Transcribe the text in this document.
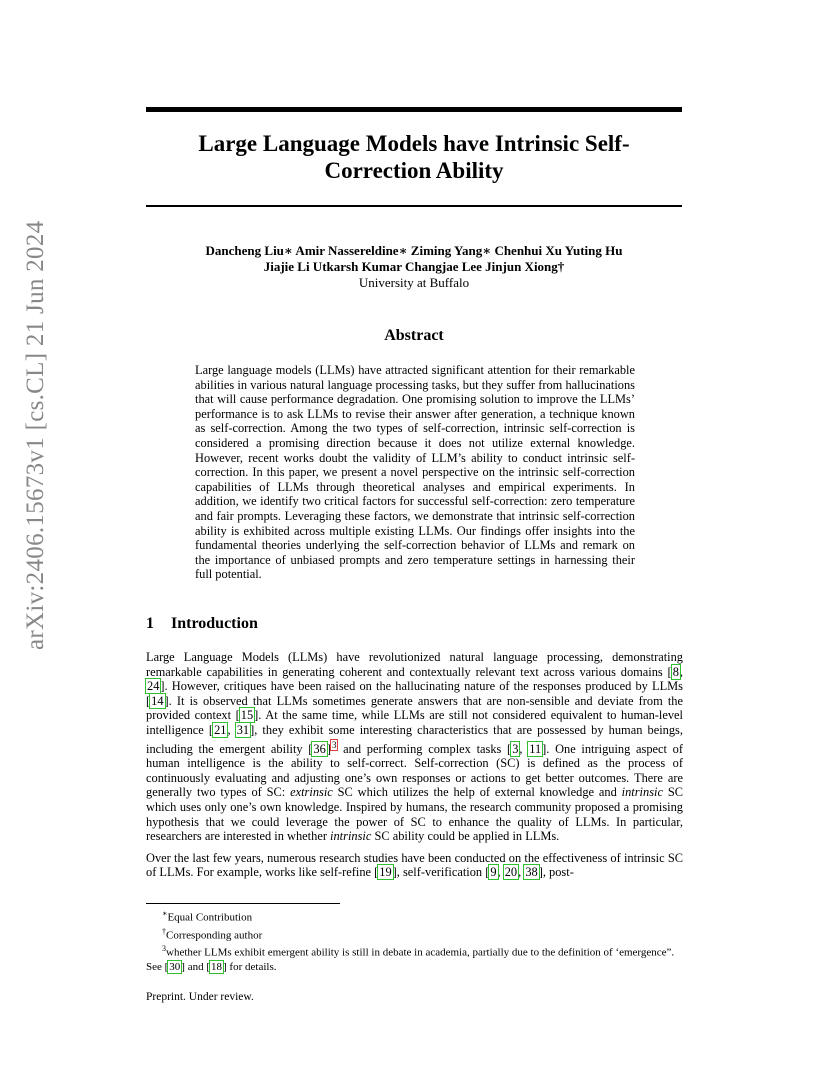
arXiv:2406.15673v1 [cs.CL] 21 Jun 2024
Large Language Models have Intrinsic Self-Correction Ability
Dancheng Liu∗ Amir Nassereldine∗ Ziming Yang∗ Chenhui Xu Yuting Hu
Jiajie Li Utkarsh Kumar Changjae Lee Jinjun Xiong†
University at Buffalo
Abstract
Large language models (LLMs) have attracted significant attention for their remarkable abilities in various natural language processing tasks, but they suffer from hallucinations that will cause performance degradation. One promising solution to improve the LLMs’ performance is to ask LLMs to revise their answer after generation, a technique known as self-correction. Among the two types of self-correction, intrinsic self-correction is considered a promising direction because it does not utilize external knowledge. However, recent works doubt the validity of LLM’s ability to conduct intrinsic self-correction. In this paper, we present a novel perspective on the intrinsic self-correction capabilities of LLMs through theoretical analyses and empirical experiments. In addition, we identify two critical factors for successful self-correction: zero temperature and fair prompts. Leveraging these factors, we demonstrate that intrinsic self-correction ability is exhibited across multiple existing LLMs. Our findings offer insights into the fundamental theories underlying the self-correction behavior of LLMs and remark on the importance of unbiased prompts and zero temperature settings in harnessing their full potential.
1 Introduction

Large Language Models (LLMs) have revolutionized natural language processing, demonstrating remarkable capabilities in generating coherent and contextually relevant text across various domains [8, 24]. However, critiques have been raised on the hallucinating nature of the responses produced by LLMs [14]. It is observed that LLMs sometimes generate answers that are non-sensible and deviate from the provided context [15]. At the same time, while LLMs are still not considered equivalent to human-level intelligence [21, 31], they exhibit some interesting characteristics that are possessed by human beings, including the emergent ability [36]$^3$ and performing complex tasks [3, 11]. One intriguing aspect of human intelligence is the ability to self-correct. Self-correction (SC) is defined as the process of continuously evaluating and adjusting one’s own responses or actions to get better outcomes. There are generally two types of SC: extrinsic SC which utilizes the help of external knowledge and intrinsic SC which uses only one’s own knowledge. Inspired by humans, the research community proposed a promising hypothesis that we could leverage the power of SC to enhance the quality of LLMs. In particular, researchers are interested in whether intrinsic SC ability could be applied in LLMs.

Over the last few years, numerous research studies have been conducted on the effectiveness of intrinsic SC of LLMs. For example, works like self-refine [19], self-verification [9, 20, 38], post-

∗Equal Contribution
†Corresponding author
$^3$whether LLMs exhibit emergent ability is still in debate in academia, partially due to the definition of ‘emergence”. See [30] and [18] for details.
Preprint. Under review.
